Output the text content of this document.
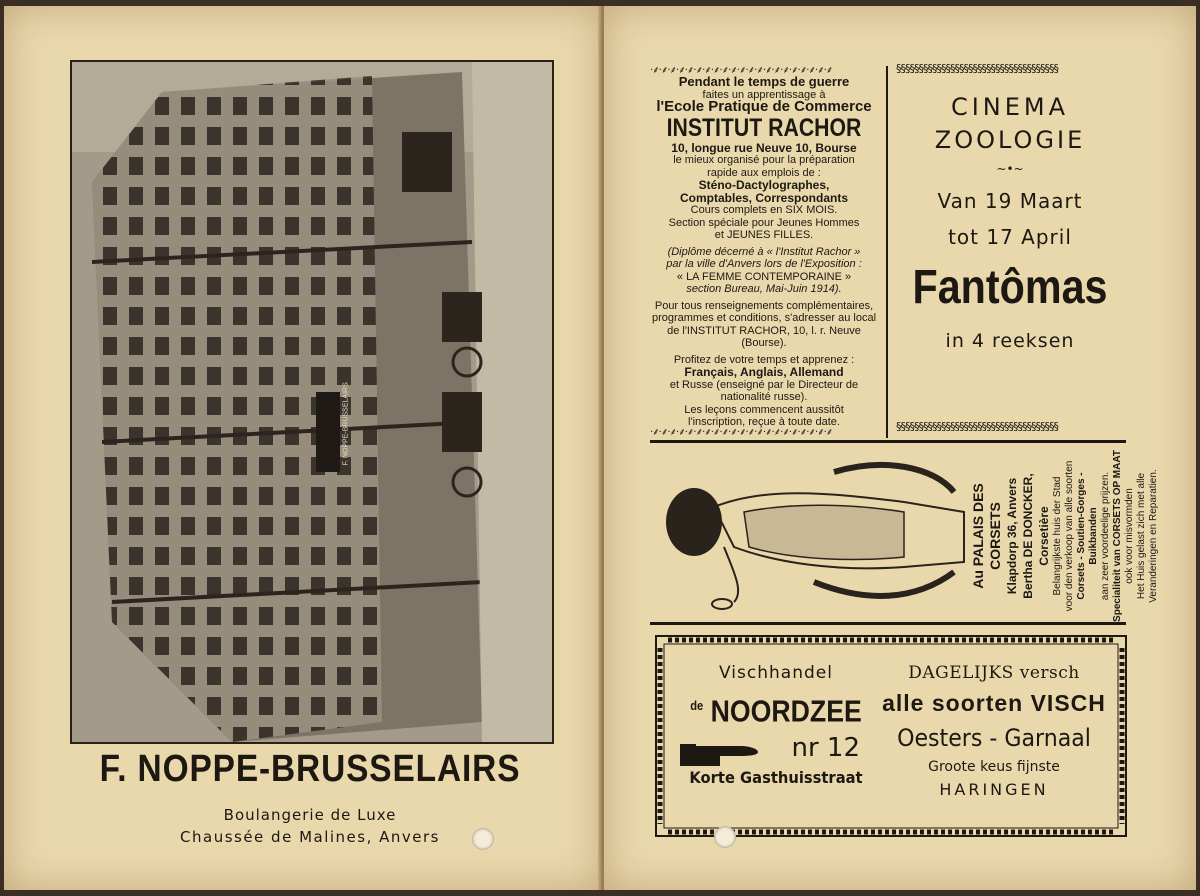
F. NOPPE-BRUSSELAIRS
F. NOPPE-BRUSSELAIRS
Boulangerie de Luxe
Chaussée de Malines, Anvers
·⸙·⸙·⸙·⸙·⸙·⸙·⸙·⸙·⸙·⸙·⸙·⸙·⸙·⸙·⸙·⸙·⸙·⸙·⸙·⸙·⸙
·⸙·⸙·⸙·⸙·⸙·⸙·⸙·⸙·⸙·⸙·⸙·⸙·⸙·⸙·⸙·⸙·⸙·⸙·⸙·⸙·⸙
§§§§§§§§§§§§§§§§§§§§§§§§§§§§§§§§§§§§
§§§§§§§§§§§§§§§§§§§§§§§§§§§§§§§§§§§§

Pendant le temps de guerre

faites un apprentissage à

l'Ecole Pratique de Commerce

INSTITUT RACHOR

10, longue rue Neuve 10, Bourse

le mieux organisé pour la préparation

rapide aux emplois de :

Sténo-Dactylographes,

Comptables, Correspondants

Cours complets en SIX MOIS.

Section spéciale pour Jeunes Hommes

et JEUNES FILLES.

(Diplôme décerné à « l'Institut Rachor »

par la ville d'Anvers lors de l'Exposition :

« LA FEMME CONTEMPORAINE »

section Bureau, Mai-Juin 1914).

Pour tous renseignements complémentaires,

programmes et conditions, s'adresser au local

de l'INSTITUT RACHOR, 10, l. r. Neuve (Bourse).

Profitez de votre temps et apprenez :

Français, Anglais, Allemand

et Russe (enseigné par le Directeur de

nationalité russe).

Les leçons commencent aussitôt

l'inscription, reçue à toute date.

CINEMA
ZOOLOGIE
~•~
Van 19 Maart
tot 17 April
Fantômas
in 4 reeksen
Au PALAIS DES CORSETS Klapdorp 36, Anvers Bertha DE DONCKER, Corsetière Belangrijkste huis der Stad voor den verkoop van alle soorten Corsets - Soutien-Gorges - Buikbanden aan zeer voordeelige prijzen. Specialiteit van CORSETS OP MAAT ook voor misvormden Het Huis gelast zich met alle Veranderingen en Reparatien.
Vischhandel
$^{de}$ NOORDZEE
nr 12
Korte Gasthuisstraat
DAGELIJKS versch
alle soorten VISCH
Oesters - Garnaal
Groote keus fijnste
HARINGEN
